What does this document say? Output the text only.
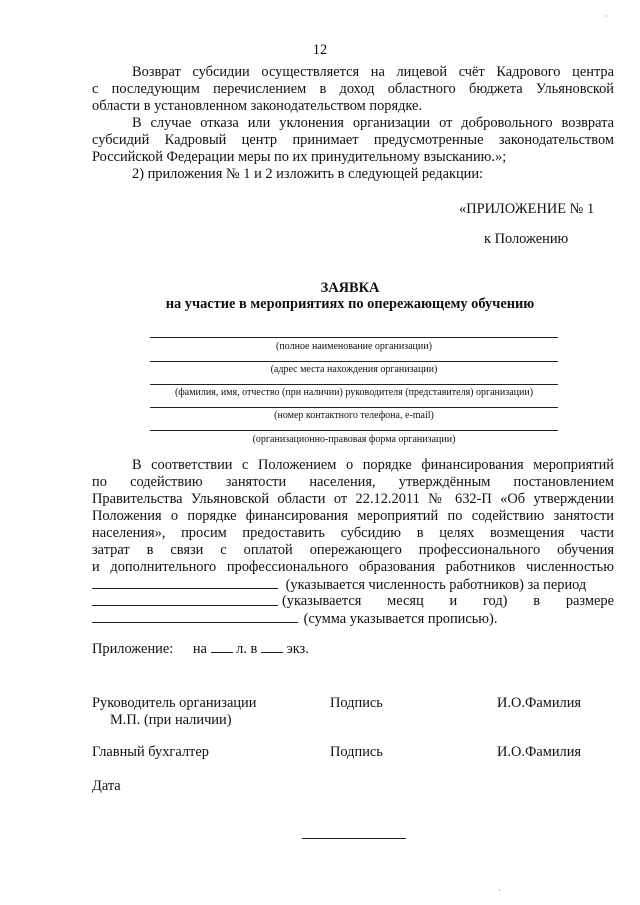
12
Возврат субсидии осуществляется на лицевой счёт Кадрового центра
с последующим перечислением в доход областного бюджета Ульяновской
области в установленном законодательством порядке.
В случае отказа или уклонения организации от добровольного возврата
субсидий Кадровый центр принимает предусмотренные законодательством
Российской Федерации меры по их принудительному взысканию.»;
2) приложения № 1 и 2 изложить в следующей редакции:
«ПРИЛОЖЕНИЕ № 1
к Положению
ЗАЯВКА
на участие в мероприятиях по опережающему обучению
(полное наименование организации)
(адрес места нахождения организации)
(фамилия, имя, отчество (при наличии) руководителя (представителя) организации)
(номер контактного телефона, e-mail)
(организационно-правовая форма организации)
В соответствии с Положением о порядке финансирования мероприятий
по содействию занятости населения, утверждённым постановлением
Правительства Ульяновской области от 22.12.2011 № 632-П «Об утверждении
Положения о порядке финансирования мероприятий по содействию занятости
населения», просим предоставить субсидию в целях возмещения части
затрат в связи с оплатой опережающего профессионального обучения
и дополнительного профессионального образования работников численностью
(указывается численность работников) за период
(указывается месяц и год) в размере
(сумма указывается прописью).
Приложение: на л. в экз.
Руководитель организации	Подпись	И.О.Фамилия
М.П. (при наличии)
Главный бухгалтер	Подпись	И.О.Фамилия
Дата
·
·
